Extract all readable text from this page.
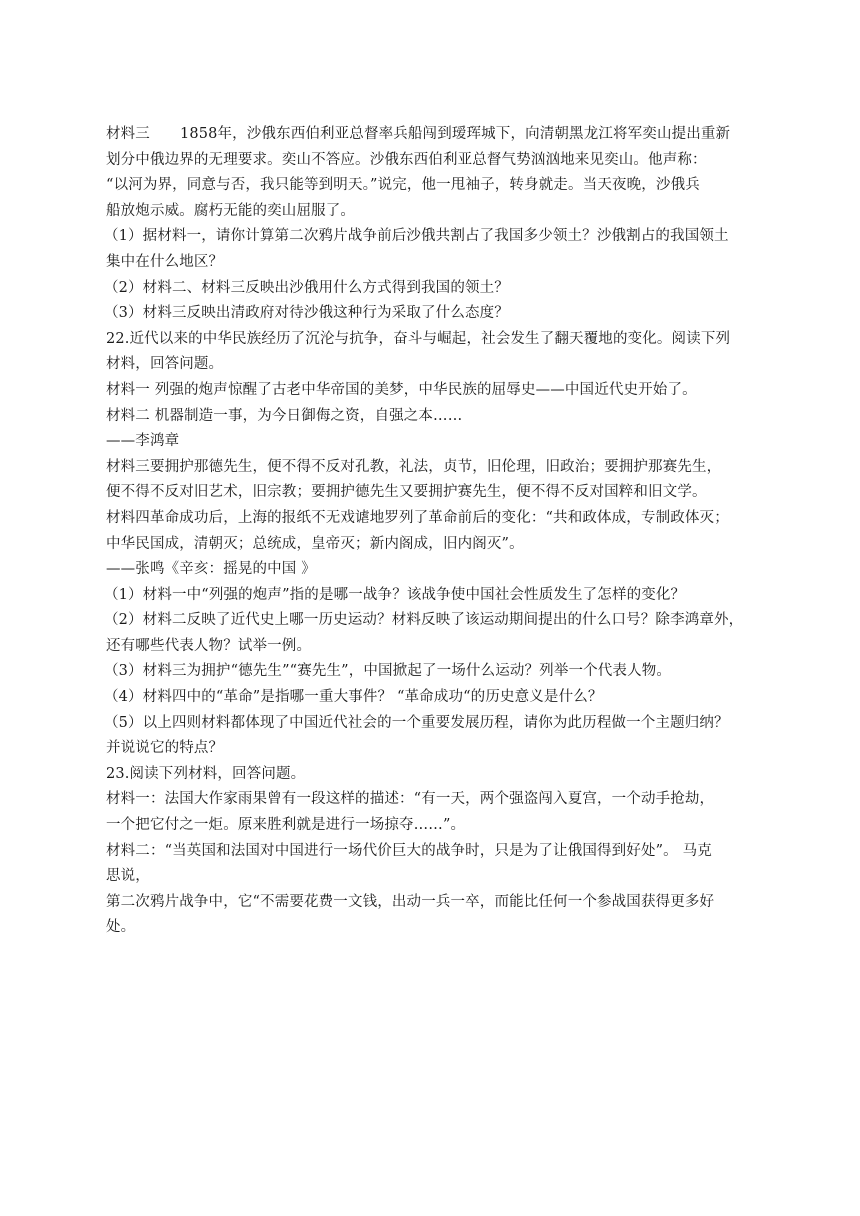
材料三 1858年，沙俄东西伯利亚总督率兵船闯到瑷珲城下，向清朝黑龙江将军奕山提出重新
划分中俄边界的无理要求。奕山不答应。沙俄东西伯利亚总督气势汹汹地来见奕山。他声称：
“以河为界，同意与否，我只能等到明天。”说完，他一甩袖子，转身就走。当天夜晚，沙俄兵
船放炮示威。腐朽无能的奕山屈服了。
（1）据材料一，请你计算第二次鸦片战争前后沙俄共割占了我国多少领土？沙俄割占的我国领土
集中在什么地区？
（2）材料二、材料三反映出沙俄用什么方式得到我国的领土？
（3）材料三反映出清政府对待沙俄这种行为采取了什么态度？
22.近代以来的中华民族经历了沉沦与抗争，奋斗与崛起，社会发生了翻天覆地的变化。阅读下列
材料，回答问题。
材料一 列强的炮声惊醒了古老中华帝国的美梦，中华民族的屈辱史——中国近代史开始了。
材料二 机器制造一事，为今日御侮之资，自强之本……
——李鸿章
材料三要拥护那德先生，便不得不反对孔教，礼法，贞节，旧伦理，旧政治；要拥护那赛先生，
便不得不反对旧艺术，旧宗教；要拥护德先生又要拥护赛先生，便不得不反对国粹和旧文学。
材料四革命成功后，上海的报纸不无戏谑地罗列了革命前后的变化：“共和政体成，专制政体灭；
中华民国成，清朝灭；总统成，皇帝灭；新内阁成，旧内阁灭”。
——张鸣《辛亥：摇晃的中国 》
（1）材料一中“列强的炮声”指的是哪一战争？该战争使中国社会性质发生了怎样的变化？
（2）材料二反映了近代史上哪一历史运动？材料反映了该运动期间提出的什么口号？除李鸿章外，
还有哪些代表人物？试举一例。
（3）材料三为拥护“德先生”“赛先生”，中国掀起了一场什么运动？列举一个代表人物。
（4）材料四中的“革命”是指哪一重大事件？ “革命成功“的历史意义是什么？
（5）以上四则材料都体现了中国近代社会的一个重要发展历程，请你为此历程做一个主题归纳？
并说说它的特点？
23.阅读下列材料，回答问题。
材料一：法国大作家雨果曾有一段这样的描述：“有一天，两个强盗闯入夏宫，一个动手抢劫，
一个把它付之一炬。原来胜利就是进行一场掠夺……”。
材料二：“当英国和法国对中国进行一场代价巨大的战争时，只是为了让俄国得到好处”。 马克
思说，
第二次鸦片战争中，它“不需要花费一文钱，出动一兵一卒，而能比任何一个参战国获得更多好
处。
